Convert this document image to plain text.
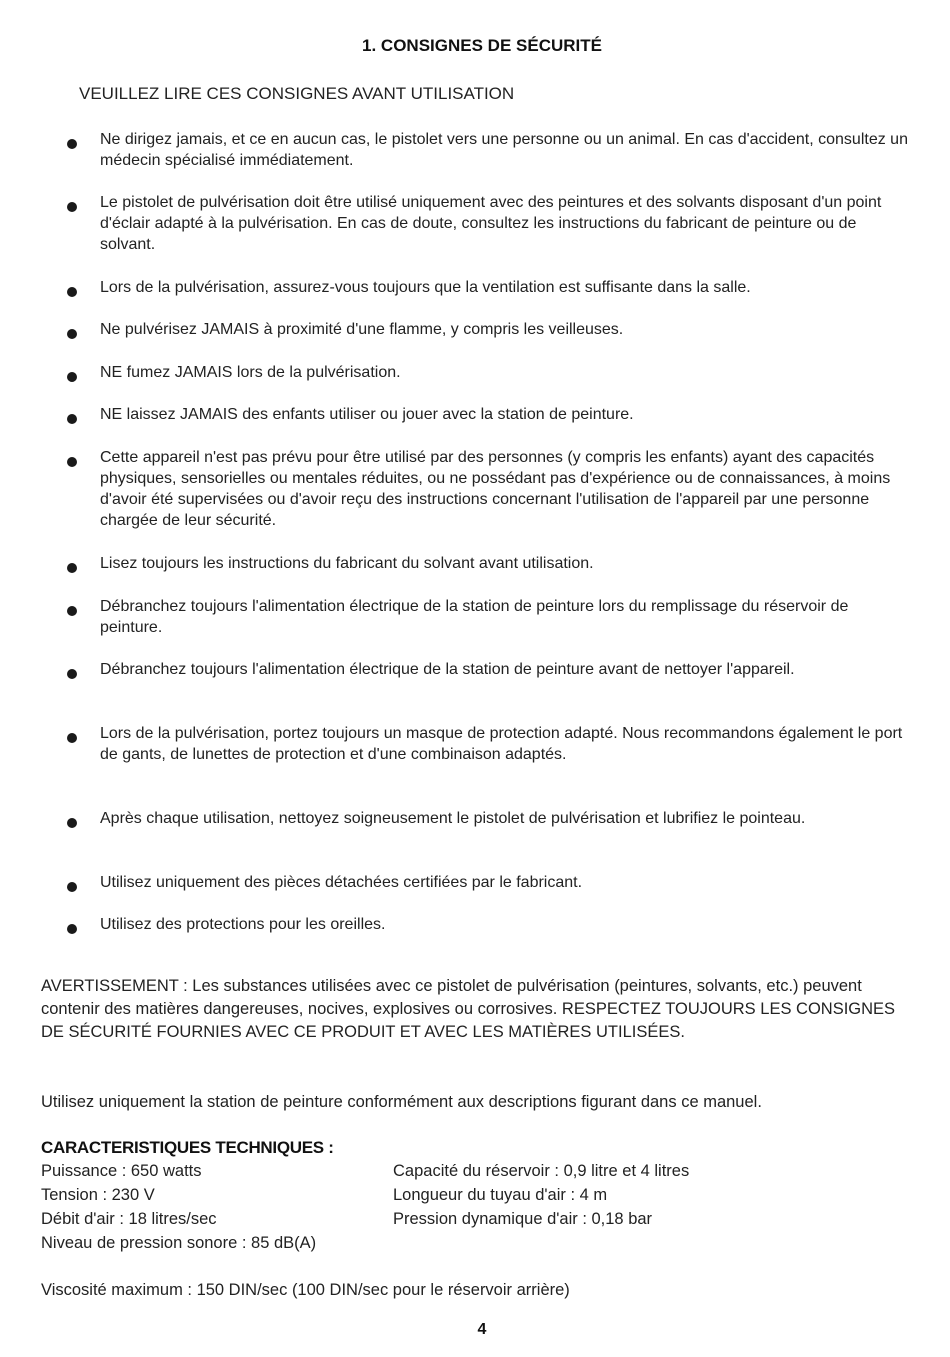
1. CONSIGNES DE SÉCURITÉ
VEUILLEZ LIRE CES CONSIGNES AVANT UTILISATION
Ne dirigez jamais, et ce en aucun cas, le pistolet vers une personne ou un animal. En cas d'accident, consultez un médecin spécialisé immédiatement.
Le pistolet de pulvérisation doit être utilisé uniquement avec des peintures et des solvants disposant d'un point d'éclair adapté à la pulvérisation. En cas de doute, consultez les instructions du fabricant de peinture ou de solvant.
Lors de la pulvérisation, assurez-vous toujours que la ventilation est suffisante dans la salle.
Ne pulvérisez JAMAIS à proximité d'une flamme, y compris les veilleuses.
NE fumez JAMAIS lors de la pulvérisation.
NE laissez JAMAIS des enfants utiliser ou jouer avec la station de peinture.
Cette appareil n'est pas prévu pour être utilisé par des personnes (y compris les enfants) ayant des capacités physiques, sensorielles ou mentales réduites, ou ne possédant pas d'expérience ou de connaissances, à moins d'avoir été supervisées ou d'avoir reçu des instructions concernant l'utilisation de l'appareil par une personne chargée de leur sécurité.
Lisez toujours les instructions du fabricant du solvant avant utilisation.
Débranchez toujours l'alimentation électrique de la station de peinture lors du remplissage du réservoir de peinture.
Débranchez toujours l'alimentation électrique de la station de peinture avant de nettoyer l'appareil.
Lors de la pulvérisation, portez toujours un masque de protection adapté. Nous recommandons également le port de gants, de lunettes de protection et d'une combinaison adaptés.
Après chaque utilisation, nettoyez soigneusement le pistolet de pulvérisation et lubrifiez le pointeau.
Utilisez uniquement des pièces détachées certifiées par le fabricant.
Utilisez des protections pour les oreilles.
AVERTISSEMENT : Les substances utilisées avec ce pistolet de pulvérisation (peintures, solvants, etc.) peuvent contenir des matières dangereuses, nocives, explosives ou corrosives. RESPECTEZ TOUJOURS LES CONSIGNES DE SÉCURITÉ FOURNIES AVEC CE PRODUIT ET AVEC LES MATIÈRES UTILISÉES.
Utilisez uniquement la station de peinture conformément aux descriptions figurant dans ce manuel.
CARACTERISTIQUES TECHNIQUES :
Puissance : 650 watts
Tension : 230 V
Débit d'air : 18 litres/sec
Niveau de pression sonore : 85 dB(A)
Capacité du réservoir : 0,9 litre et 4 litres
Longueur du tuyau d'air : 4 m
Pression dynamique d'air : 0,18 bar
Viscosité maximum : 150 DIN/sec (100 DIN/sec pour le réservoir arrière)
4
